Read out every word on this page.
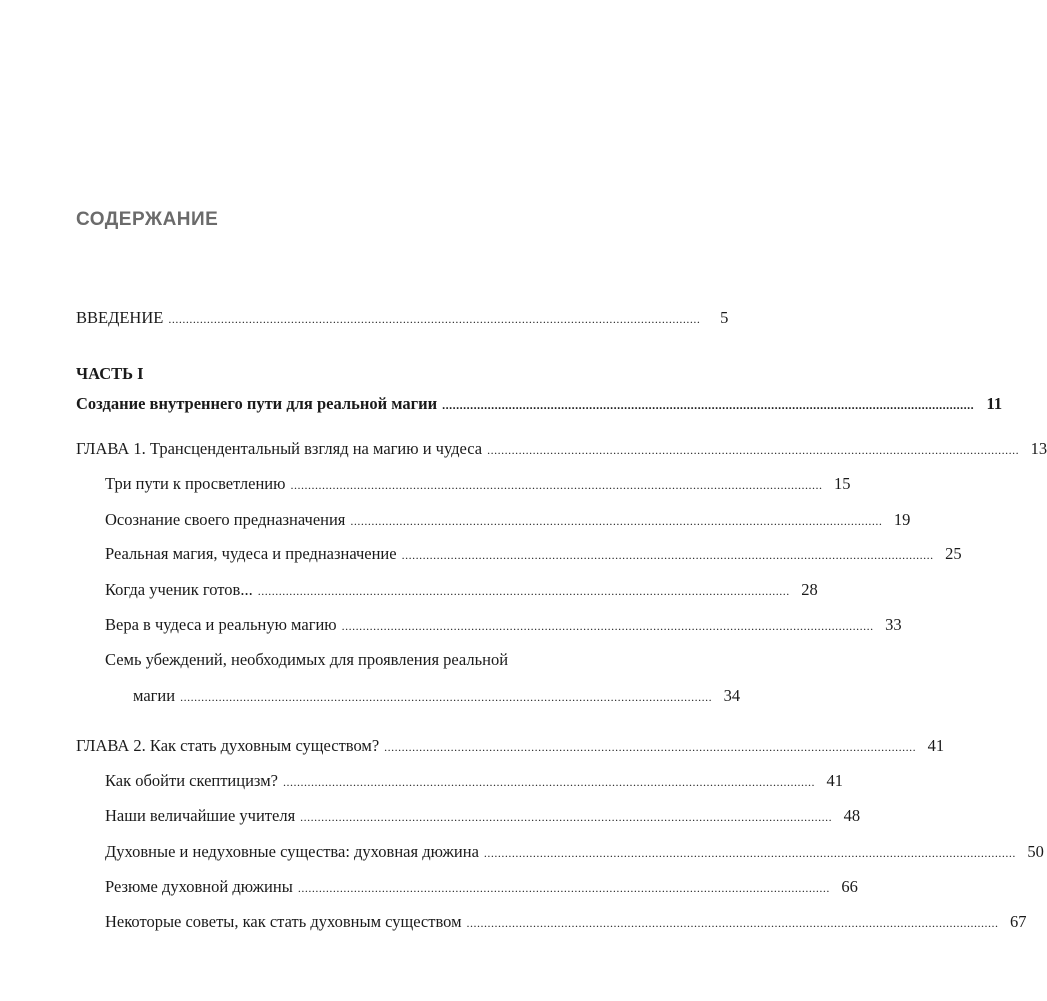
СОДЕРЖАНИЕ
ВВЕДЕНИЕ ........................................................................................................................................................	5
ЧАСТЬ I
Создание внутреннего пути для реальной магии ........................................................................................................................................................ 11
ГЛАВА 1. Трансцендентальный взгляд на магию и чудеса ........................................................................................................................................................ 13
Три пути к просветлению ........................................................................................................................................................ 15
Осознание своего предназначения ........................................................................................................................................................ 19
Реальная магия, чудеса и предназначение ........................................................................................................................................................ 25
Когда ученик готов... ........................................................................................................................................................ 28
Вера в чудеса и реальную магию ........................................................................................................................................................ 33
Семь убеждений, необходимых для проявления реальной
магии ........................................................................................................................................................ 34
ГЛАВА 2. Как стать духовным существом? ........................................................................................................................................................ 41
Как обойти скептицизм? ........................................................................................................................................................ 41
Наши величайшие учителя ........................................................................................................................................................ 48
Духовные и недуховные существа: духовная дюжина ........................................................................................................................................................ 50
Резюме духовной дюжины ........................................................................................................................................................ 66
Некоторые советы, как стать духовным существом ........................................................................................................................................................ 67
